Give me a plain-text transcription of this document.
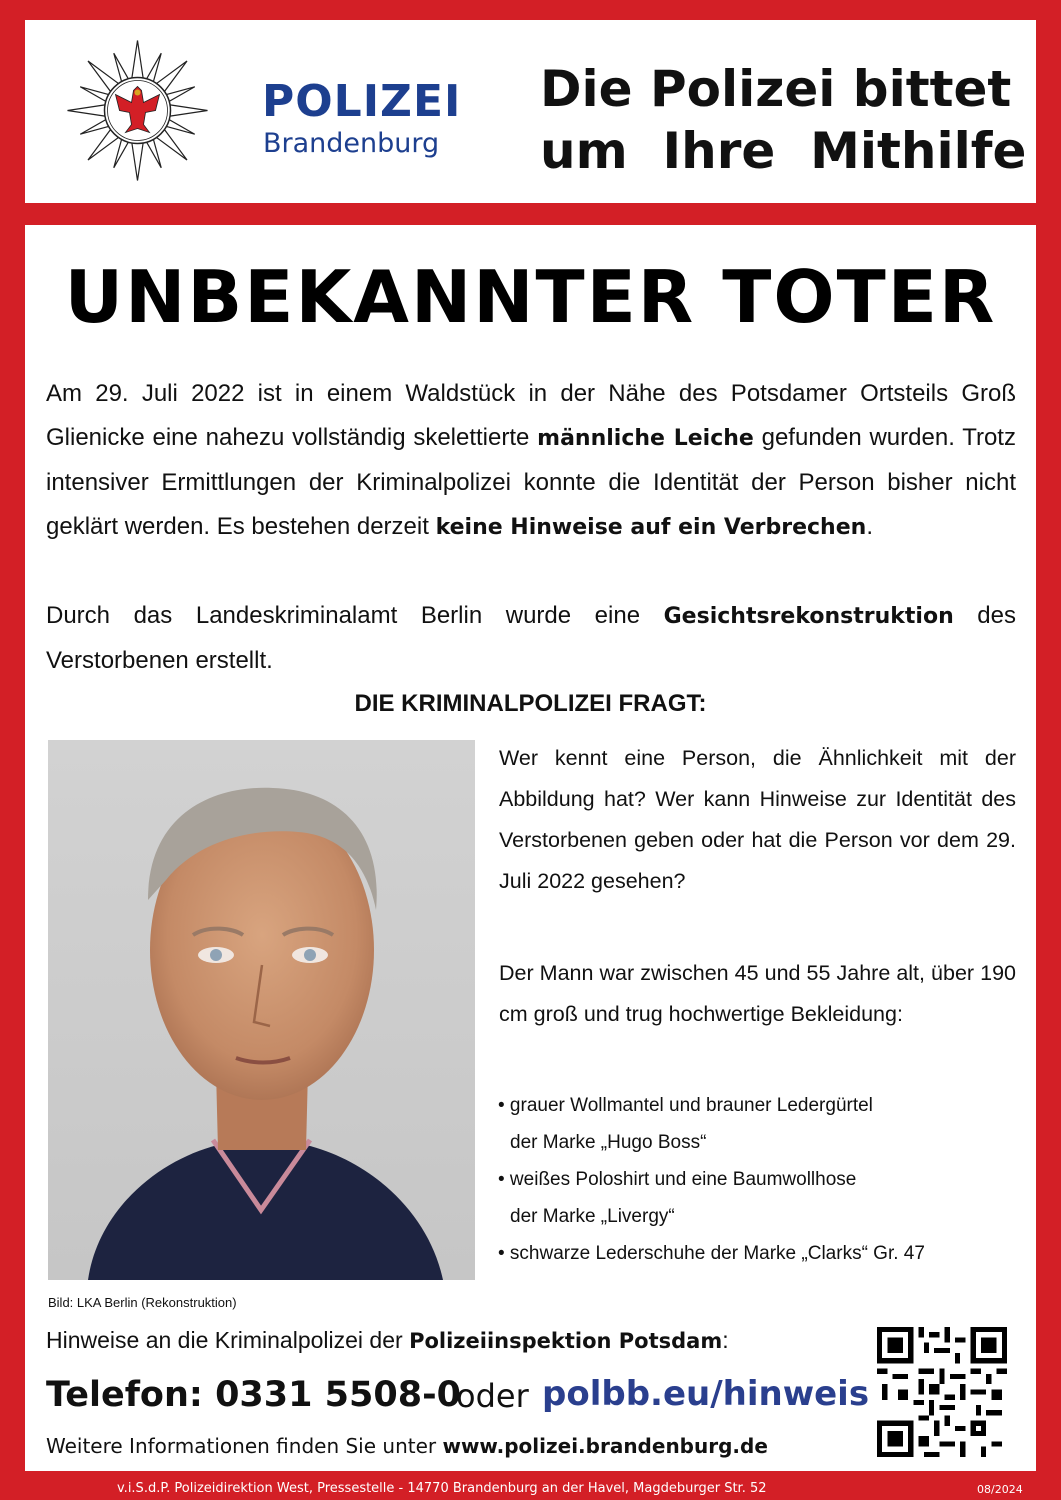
POLIZEI
Brandenburg
Die Polizei bittet
um  Ihre  Mithilfe
UNBEKANNTER TOTER

Am 29. Juli 2022 ist in einem Waldstück in der Nähe des Potsdamer Ortsteils Groß Glienicke eine nahezu vollständig skelettierte männliche Leiche gefunden wurden. Trotz intensiver Ermittlungen der Kriminalpolizei konnte die Identität der Person bisher nicht geklärt werden. Es bestehen derzeit keine Hinweise auf ein Verbrechen.

Durch das Landeskriminalamt Berlin wurde eine Gesichtsrekonstruktion des Verstorbenen erstellt.

DIE KRIMINALPOLIZEI FRAGT:
Bild: LKA Berlin (Rekonstruktion)

Wer kennt eine Person, die Ähnlichkeit mit der Abbildung hat? Wer kann Hinweise zur Identität des Verstorbenen geben oder hat die Person vor dem 29. Juli 2022 gesehen?

Der Mann war zwischen 45 und 55 Jahre alt, über 190 cm groß und trug hochwertige Bekleidung:

• grauer Wollmantel und brauner Ledergürtel
der Marke „Hugo Boss“
• weißes Poloshirt und eine Baumwollhose
der Marke „Livergy“
• schwarze Lederschuhe der Marke „Clarks“ Gr. 47
Hinweise an die Kriminalpolizei der Polizeiinspektion Potsdam:
Telefon: 0331 5508-0
oder polbb.eu/hinweis
Weitere Informationen finden Sie unter www.polizei.brandenburg.de
v.i.S.d.P. Polizeidirektion West, Pressestelle - 14770 Brandenburg an der Havel, Magdeburger Str. 52	08/2024
